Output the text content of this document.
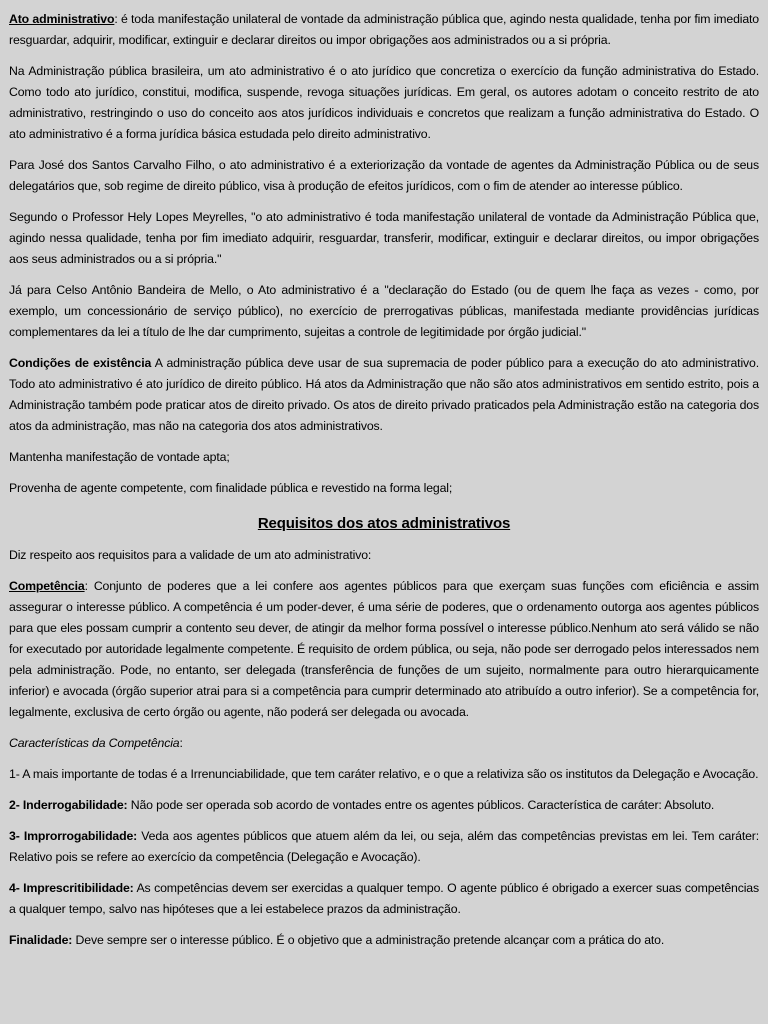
Ato administrativo: é toda manifestação unilateral de vontade da administração pública que, agindo nesta qualidade, tenha por fim imediato resguardar, adquirir, modificar, extinguir e declarar direitos ou impor obrigações aos administrados ou a si própria.

Na Administração pública brasileira, um ato administrativo é o ato jurídico que concretiza o exercício da função administrativa do Estado. Como todo ato jurídico, constitui, modifica, suspende, revoga situações jurídicas. Em geral, os autores adotam o conceito restrito de ato administrativo, restringindo o uso do conceito aos atos jurídicos individuais e concretos que realizam a função administrativa do Estado. O ato administrativo é a forma jurídica básica estudada pelo direito administrativo.

Para José dos Santos Carvalho Filho, o ato administrativo é a exteriorização da vontade de agentes da Administração Pública ou de seus delegatários que, sob regime de direito público, visa à produção de efeitos jurídicos, com o fim de atender ao interesse público.

Segundo o Professor Hely Lopes Meyrelles, "o ato administrativo é toda manifestação unilateral de vontade da Administração Pública que, agindo nessa qualidade, tenha por fim imediato adquirir, resguardar, transferir, modificar, extinguir e declarar direitos, ou impor obrigações aos seus administrados ou a si própria."

Já para Celso Antônio Bandeira de Mello, o Ato administrativo é a "declaração do Estado (ou de quem lhe faça as vezes - como, por exemplo, um concessionário de serviço público), no exercício de prerrogativas públicas, manifestada mediante providências jurídicas complementares da lei a título de lhe dar cumprimento, sujeitas a controle de legitimidade por órgão judicial."

Condições de existência A administração pública deve usar de sua supremacia de poder público para a execução do ato administrativo. Todo ato administrativo é ato jurídico de direito público. Há atos da Administração que não são atos administrativos em sentido estrito, pois a Administração também pode praticar atos de direito privado. Os atos de direito privado praticados pela Administração estão na categoria dos atos da administração, mas não na categoria dos atos administrativos.

Mantenha manifestação de vontade apta;

Provenha de agente competente, com finalidade pública e revestido na forma legal;

Requisitos dos atos administrativos

Diz respeito aos requisitos para a validade de um ato administrativo:

Competência: Conjunto de poderes que a lei confere aos agentes públicos para que exerçam suas funções com eficiência e assim assegurar o interesse público. A competência é um poder-dever, é uma série de poderes, que o ordenamento outorga aos agentes públicos para que eles possam cumprir a contento seu dever, de atingir da melhor forma possível o interesse público.Nenhum ato será válido se não for executado por autoridade legalmente competente. É requisito de ordem pública, ou seja, não pode ser derrogado pelos interessados nem pela administração. Pode, no entanto, ser delegada (transferência de funções de um sujeito, normalmente para outro hierarquicamente inferior) e avocada (órgão superior atrai para si a competência para cumprir determinado ato atribuído a outro inferior). Se a competência for, legalmente, exclusiva de certo órgão ou agente, não poderá ser delegada ou avocada.

Características da Competência:

1- A mais importante de todas é a Irrenunciabilidade, que tem caráter relativo, e o que a relativiza são os institutos da Delegação e Avocação.

2- Inderrogabilidade: Não pode ser operada sob acordo de vontades entre os agentes públicos. Característica de caráter: Absoluto.

3- Improrrogabilidade: Veda aos agentes públicos que atuem além da lei, ou seja, além das competências previstas em lei. Tem caráter: Relativo pois se refere ao exercício da competência (Delegação e Avocação).

4- Imprescritibilidade: As competências devem ser exercidas a qualquer tempo. O agente público é obrigado a exercer suas competências a qualquer tempo, salvo nas hipóteses que a lei estabelece prazos da administração.

Finalidade: Deve sempre ser o interesse público. É o objetivo que a administração pretende alcançar com a prática do ato.
